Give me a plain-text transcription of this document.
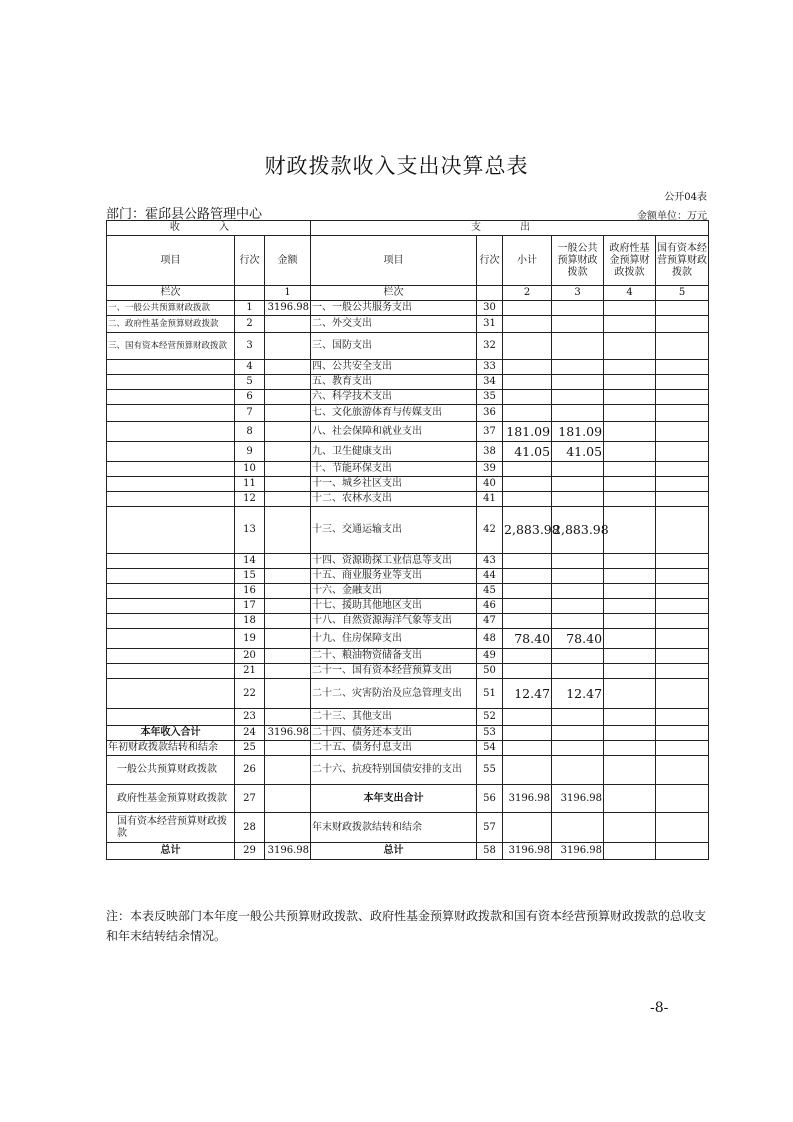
财政拨款收入支出决算总表
公开04表
部门：霍邱县公路管理中心	金额单位：万元
收 入			支 出					
项目	行次	金额	项目	行次	小计	一般公共预算财政拨款	政府性基金预算财政拨款	国有资本经营预算财政拨款
栏次		1	栏次		2	3	4	5
一、一般公共预算财政拨款	1	3196.98	一、一般公共服务支出	30				
二、政府性基金预算财政拨款	2		二、外交支出	31				
三、国有资本经营预算财政拨款	3		三、国防支出	32				
	4		四、公共安全支出	33				
	5		五、教育支出	34				
	6		六、科学技术支出	35				
	7		七、文化旅游体育与传媒支出	36				
	8		八、社会保障和就业支出	37	181.09	181.09		
	9		九、卫生健康支出	38	41.05	41.05		
	10		十、节能环保支出	39				
	11		十一、城乡社区支出	40				
	12		十二、农林水支出	41				
	13		十三、交通运输支出	42	2,883.98	2,883.98		
	14		十四、资源勘探工业信息等支出	43				
	15		十五、商业服务业等支出	44				
	16		十六、金融支出	45				
	17		十七、援助其他地区支出	46				
	18		十八、自然资源海洋气象等支出	47				
	19		十九、住房保障支出	48	78.40	78.40		
	20		二十、粮油物资储备支出	49				
	21		二十一、国有资本经营预算支出	50				
	22		二十二、灾害防治及应急管理支出	51	12.47	12.47		
	23		二十三、其他支出	52				
本年收入合计	24	3196.98	二十四、债务还本支出	53				
年初财政拨款结转和结余	25		二十五、债务付息支出	54				
一般公共预算财政拨款	26		二十六、抗疫特别国债安排的支出	55				
政府性基金预算财政拨款	27		本年支出合计	56	3196.98	3196.98		
国有资本经营预算财政拨款	28		年末财政拨款结转和结余	57				
总计	29	3196.98	总计	58	3196.98	3196.98		
注：本表反映部门本年度一般公共预算财政拨款、政府性基金预算财政拨款和国有资本经营预算财政拨款的总收支和年末结转结余情况。
-8-
